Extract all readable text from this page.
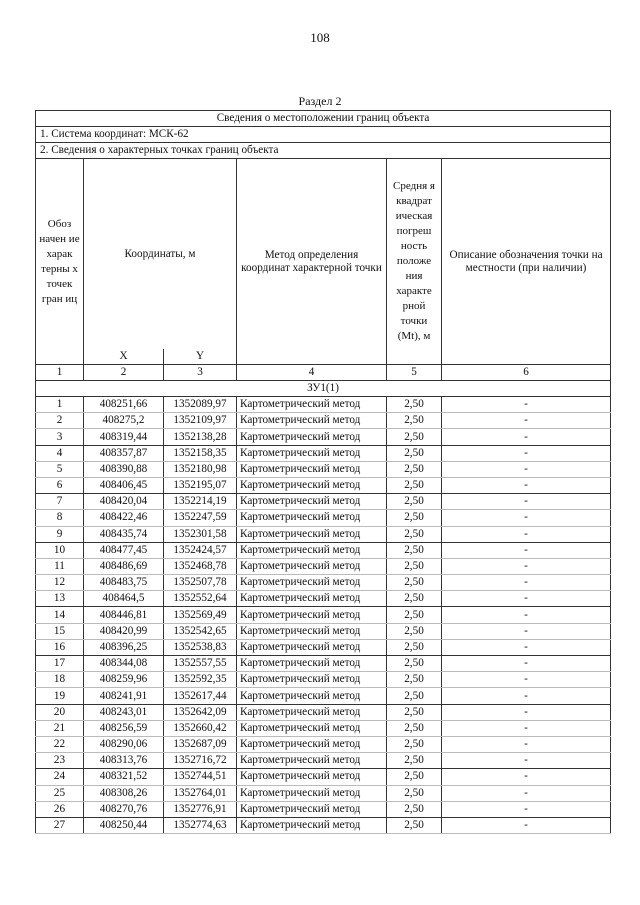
108
Раздел 2
Сведения о местоположении границ объекта					
1. Система координат: МСК-62					
2. Сведения о характерных точках границ объекта					
Обоз начен ие харак терны х точек гран иц	Координаты, м		Метод определения координат характерной точки	Средня я квадрат ическая погреш ность положе ния характе рной точки (Mt), м	Описание обозначения точки на местности (при наличии)
	X	Y			
1	2	3	4	5	6
ЗУ1(1)					
1	408251,66	1352089,97	Картометрический метод	2,50	-
2	408275,2	1352109,97	Картометрический метод	2,50	-
3	408319,44	1352138,28	Картометрический метод	2,50	-
4	408357,87	1352158,35	Картометрический метод	2,50	-
5	408390,88	1352180,98	Картометрический метод	2,50	-
6	408406,45	1352195,07	Картометрический метод	2,50	-
7	408420,04	1352214,19	Картометрический метод	2,50	-
8	408422,46	1352247,59	Картометрический метод	2,50	-
9	408435,74	1352301,58	Картометрический метод	2,50	-
10	408477,45	1352424,57	Картометрический метод	2,50	-
11	408486,69	1352468,78	Картометрический метод	2,50	-
12	408483,75	1352507,78	Картометрический метод	2,50	-
13	408464,5	1352552,64	Картометрический метод	2,50	-
14	408446,81	1352569,49	Картометрический метод	2,50	-
15	408420,99	1352542,65	Картометрический метод	2,50	-
16	408396,25	1352538,83	Картометрический метод	2,50	-
17	408344,08	1352557,55	Картометрический метод	2,50	-
18	408259,96	1352592,35	Картометрический метод	2,50	-
19	408241,91	1352617,44	Картометрический метод	2,50	-
20	408243,01	1352642,09	Картометрический метод	2,50	-
21	408256,59	1352660,42	Картометрический метод	2,50	-
22	408290,06	1352687,09	Картометрический метод	2,50	-
23	408313,76	1352716,72	Картометрический метод	2,50	-
24	408321,52	1352744,51	Картометрический метод	2,50	-
25	408308,26	1352764,01	Картометрический метод	2,50	-
26	408270,76	1352776,91	Картометрический метод	2,50	-
27	408250,44	1352774,63	Картометрический метод	2,50	-
